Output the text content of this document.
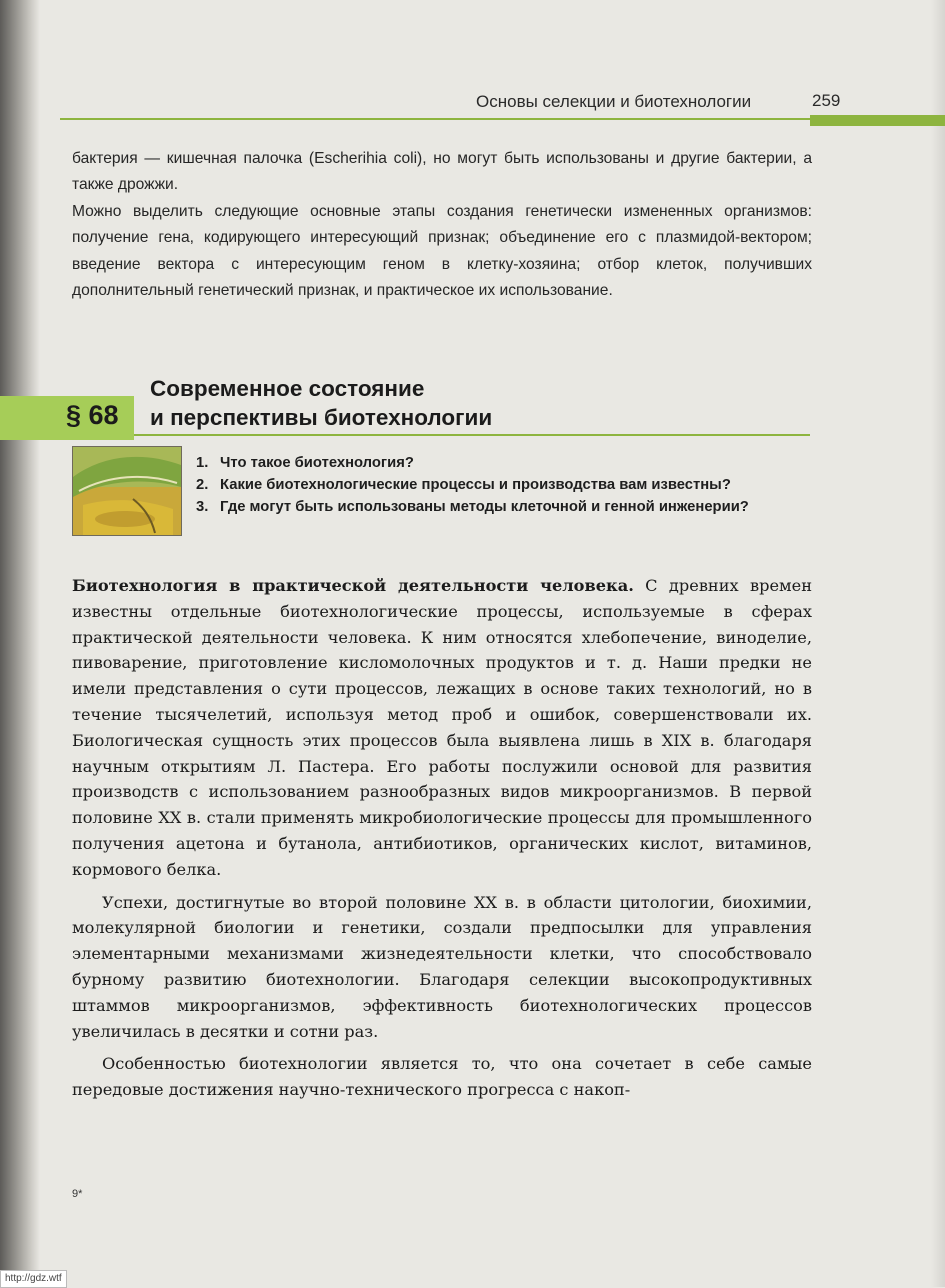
Основы селекции и биотехнологии	259

бактерия — кишечная палочка (Escherihia coli), но могут быть использованы и другие бактерии, а также дрожжи.

Можно выделить следующие основные этапы создания генетически измененных организмов: получение гена, кодирующего интересующий признак; объединение его с плазмидой-вектором; введение вектора с интересующим геном в клетку-хозяина; отбор клеток, получивших дополнительный генетический признак, и практическое их использование.

§ 68
Современное состояние
и перспективы биотехнологии
1. Что такое биотехнология?
2. Какие биотехнологические процессы и производства вам известны?
3. Где могут быть использованы методы клеточной и генной инженерии?

Биотехнология в практической деятельности человека. С древних времен известны отдельные биотехнологические процессы, используемые в сферах практической деятельности человека. К ним относятся хлебопечение, виноделие, пивоварение, приготовление кисломолочных продуктов и т. д. Наши предки не имели представления о сути процессов, лежащих в основе таких технологий, но в течение тысячелетий, используя метод проб и ошибок, совершенствовали их. Биологическая сущность этих процессов была выявлена лишь в XIX в. благодаря научным открытиям Л. Пастера. Его работы послужили основой для развития производств с использованием разнообразных видов микроорганизмов. В первой половине XX в. стали применять микробиологические процессы для промышленного получения ацетона и бутанола, антибиотиков, органических кислот, витаминов, кормового белка.

Успехи, достигнутые во второй половине XX в. в области цитологии, биохимии, молекулярной биологии и генетики, создали предпосылки для управления элементарными механизмами жизнедеятельности клетки, что способствовало бурному развитию биотехнологии. Благодаря селекции высокопродуктивных штаммов микроорганизмов, эффективность биотехнологических процессов увеличилась в десятки и сотни раз.

Особенностью биотехнологии является то, что она сочетает в себе самые передовые достижения научно-технического прогресса с накоп-

9*
http://gdz.wtf
